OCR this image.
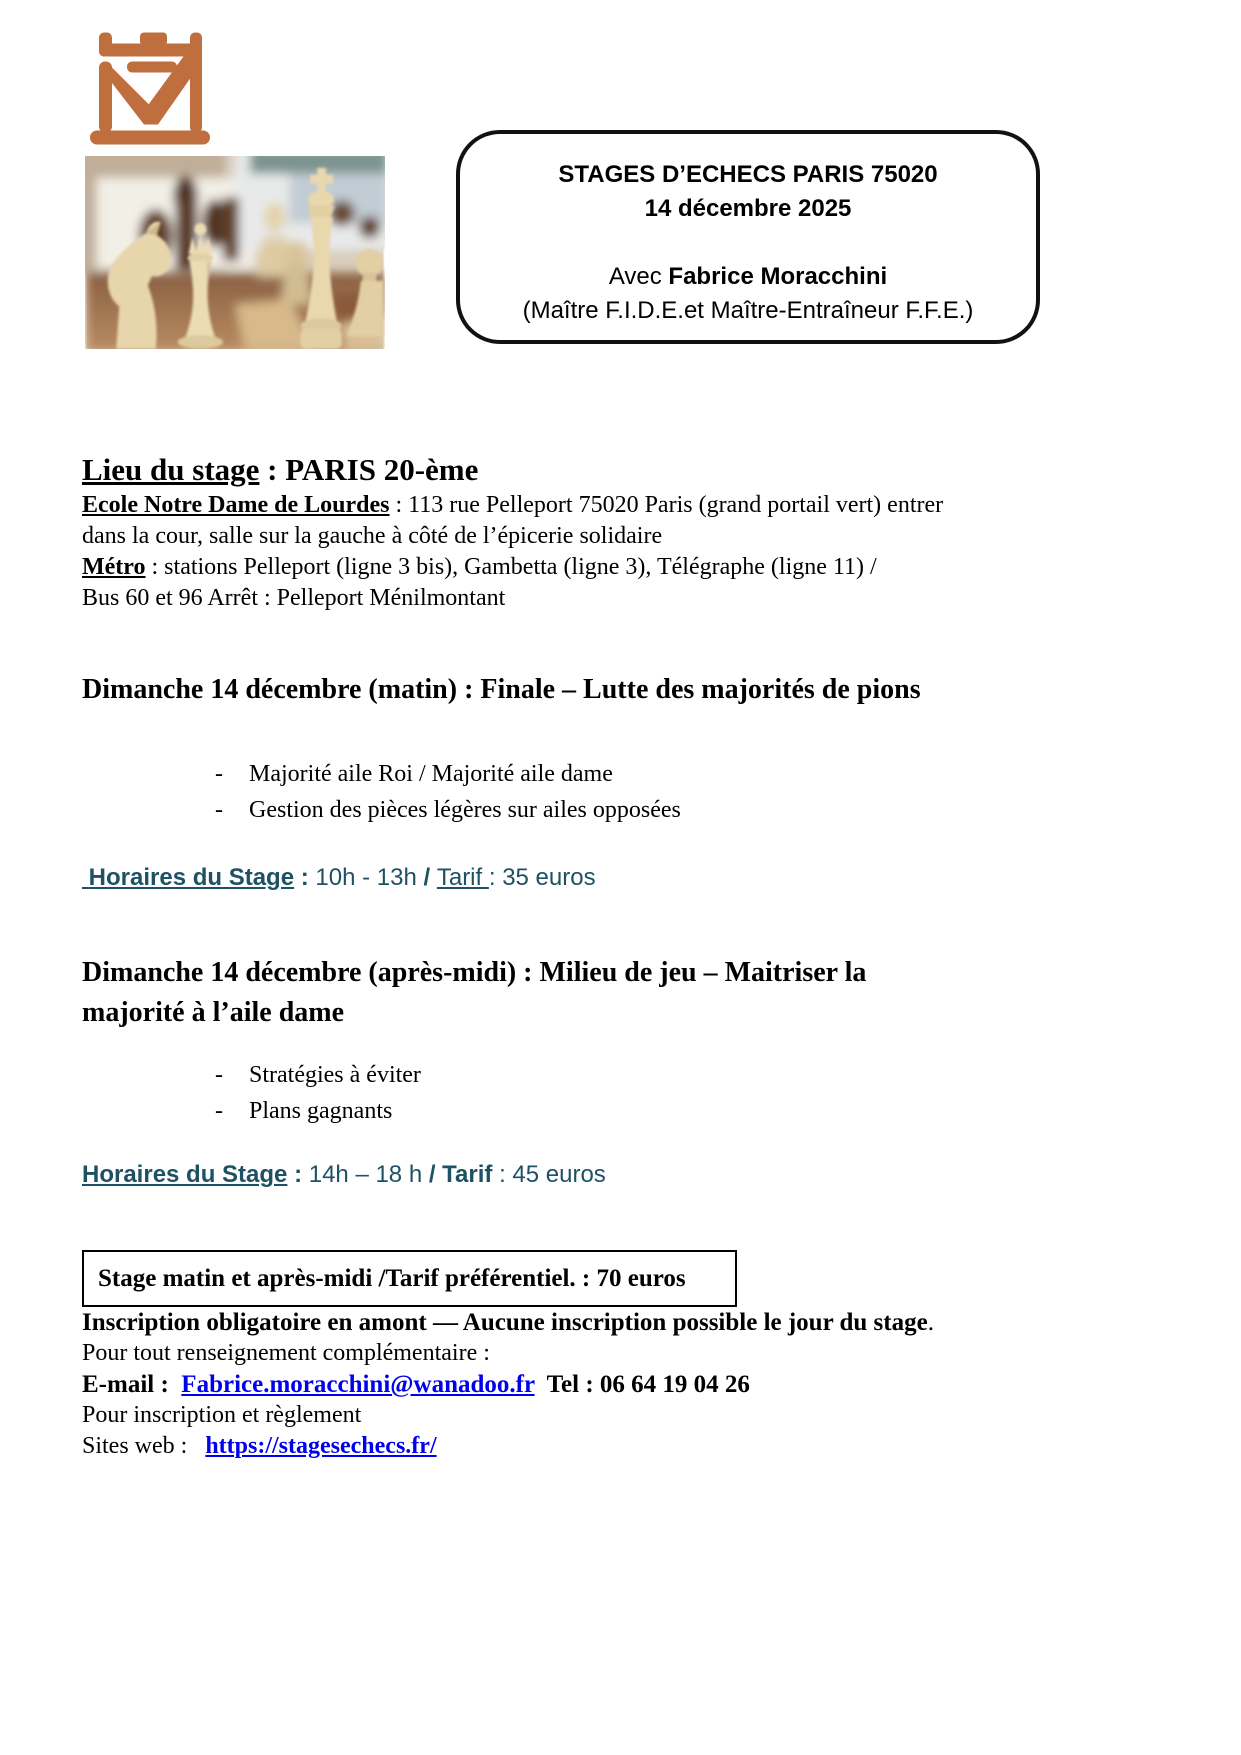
STAGES D’ECHECS PARIS 75020
14 décembre 2025
Avec Fabrice Moracchini
(Maître F.I.D.E.et Maître-Entraîneur F.F.E.)
Lieu du stage : PARIS 20-ème

Ecole Notre Dame de Lourdes : 113 rue Pelleport 75020 Paris (grand portail vert) entrer
dans la cour, salle sur la gauche à côté de l’épicerie solidaire

Métro : stations Pelleport (ligne 3 bis), Gambetta (ligne 3), Télégraphe (ligne 11) /
Bus 60 et 96 Arrêt : Pelleport Ménilmontant

Dimanche 14 décembre (matin) : Finale – Lutte des majorités de pions
-	Majorité aile Roi / Majorité aile dame
-	Gestion des pièces légères sur ailes opposées
Horaires du Stage : 10h - 13h / Tarif : 35 euros
Dimanche 14 décembre (après-midi) : Milieu de jeu – Maitriser la
majorité à l’aile dame
-	Stratégies à éviter
-	Plans gagnants
Horaires du Stage : 14h – 18 h / Tarif : 45 euros
Stage matin et après-midi /Tarif préférentiel. : 70 euros

Inscription obligatoire en amont — Aucune inscription possible le jour du stage.

Pour tout renseignement complémentaire :

E-mail :  Fabrice.moracchini@wanadoo.fr  Tel : 06 64 19 04 26

Pour inscription et règlement

Sites web :   https://stagesechecs.fr/
